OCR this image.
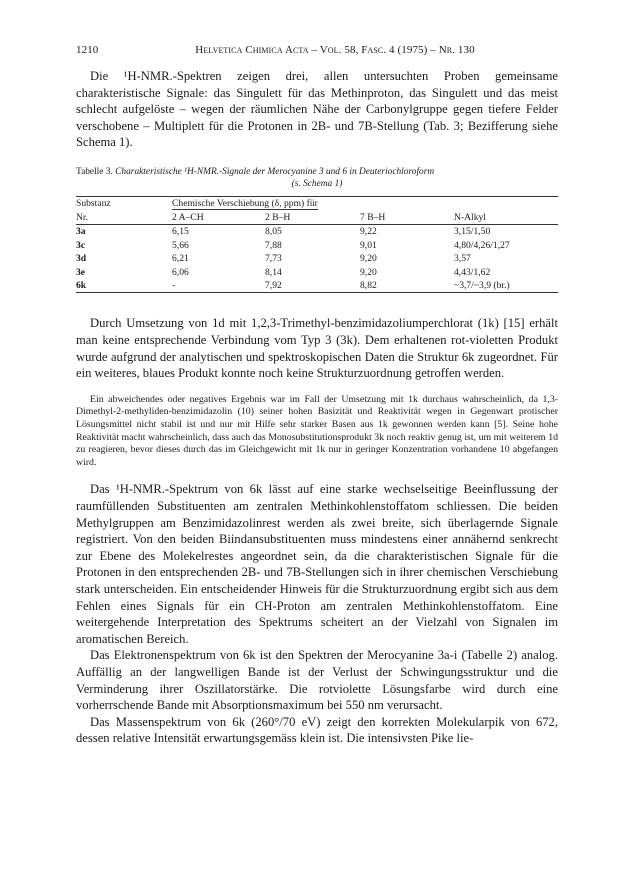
1210	Helvetica Chimica Acta – Vol. 58, Fasc. 4 (1975) – Nr. 130

Die ¹H-NMR.-Spektren zeigen drei, allen untersuchten Proben gemeinsame charakteristische Signale: das Singulett für das Methinproton, das Singulett und das meist schlecht aufgelöste – wegen der räumlichen Nähe der Carbonylgruppe gegen tiefere Felder verschobene – Multiplett für die Protonen in 2B- und 7B-Stellung (Tab. 3; Bezifferung siehe Schema 1).

Tabelle 3. Charakteristische ¹H-NMR.-Signale der Merocyanine 3 und 6 in Deuteriochloroform
(s. Schema 1)
Substanz	Chemische Verschiebung (δ, ppm) für			
Nr.	2 A–CH	2 B–H	7 B–H	N-Alkyl
3a	6,15	8,05	9,22	3,15/1,50
3c	5,66	7,88	9,01	4,80/4,26/1,27
3d	6,21	7,73	9,20	3,57
3e	6,06	8,14	9,20	4,43/1,62
6k	-	7,92	8,82	~3,7/~3,9 (br.)

Durch Umsetzung von 1d mit 1,2,3-Trimethyl-benzimidazoliumperchlorat (1k) [15] erhält man keine entsprechende Verbindung vom Typ 3 (3k). Dem erhaltenen rot-violetten Produkt wurde aufgrund der analytischen und spektroskopischen Daten die Struktur 6k zugeordnet. Für ein weiteres, blaues Produkt konnte noch keine Strukturzuordnung getroffen werden.

Ein abweichendes oder negatives Ergebnis war im Fall der Umsetzung mit 1k durchaus wahrscheinlich, da 1,3-Dimethyl-2-methyliden-benzimidazolin (10) seiner hohen Basizität und Reaktivität wegen in Gegenwart protischer Lösungsmittel nicht stabil ist und nur mit Hilfe sehr starker Basen aus 1k gewonnen werden kann [5]. Seine hohe Reaktivität macht wahrscheinlich, dass auch das Monosubstitutionsprodukt 3k noch reaktiv genug ist, um mit weiterem 1d zu reagieren, bevor dieses durch das im Gleichgewicht mit 1k nur in geringer Konzentration vorhandene 10 abgefangen wird.

Das ¹H-NMR.-Spektrum von 6k lässt auf eine starke wechselseitige Beeinflussung der raumfüllenden Substituenten am zentralen Methinkohlenstoffatom schliessen. Die beiden Methylgruppen am Benzimidazolinrest werden als zwei breite, sich überlagernde Signale registriert. Von den beiden Biindansubstituenten muss mindestens einer annähernd senkrecht zur Ebene des Molekelrestes angeordnet sein, da die charakteristischen Signale für die Protonen in den entsprechenden 2B- und 7B-Stellungen sich in ihrer chemischen Verschiebung stark unterscheiden. Ein entscheidender Hinweis für die Strukturzuordnung ergibt sich aus dem Fehlen eines Signals für ein CH-Proton am zentralen Methinkohlenstoffatom. Eine weitergehende Interpretation des Spektrums scheitert an der Vielzahl von Signalen im aromatischen Bereich.

Das Elektronenspektrum von 6k ist den Spektren der Merocyanine 3a-i (Tabelle 2) analog. Auffällig an der langwelligen Bande ist der Verlust der Schwingungsstruktur und die Verminderung ihrer Oszillatorstärke. Die rotviolette Lösungsfarbe wird durch eine vorherrschende Bande mit Absorptionsmaximum bei 550 nm verursacht.

Das Massenspektrum von 6k (260°/70 eV) zeigt den korrekten Molekularpik von 672, dessen relative Intensität erwartungsgemäss klein ist. Die intensivsten Pike lie-
